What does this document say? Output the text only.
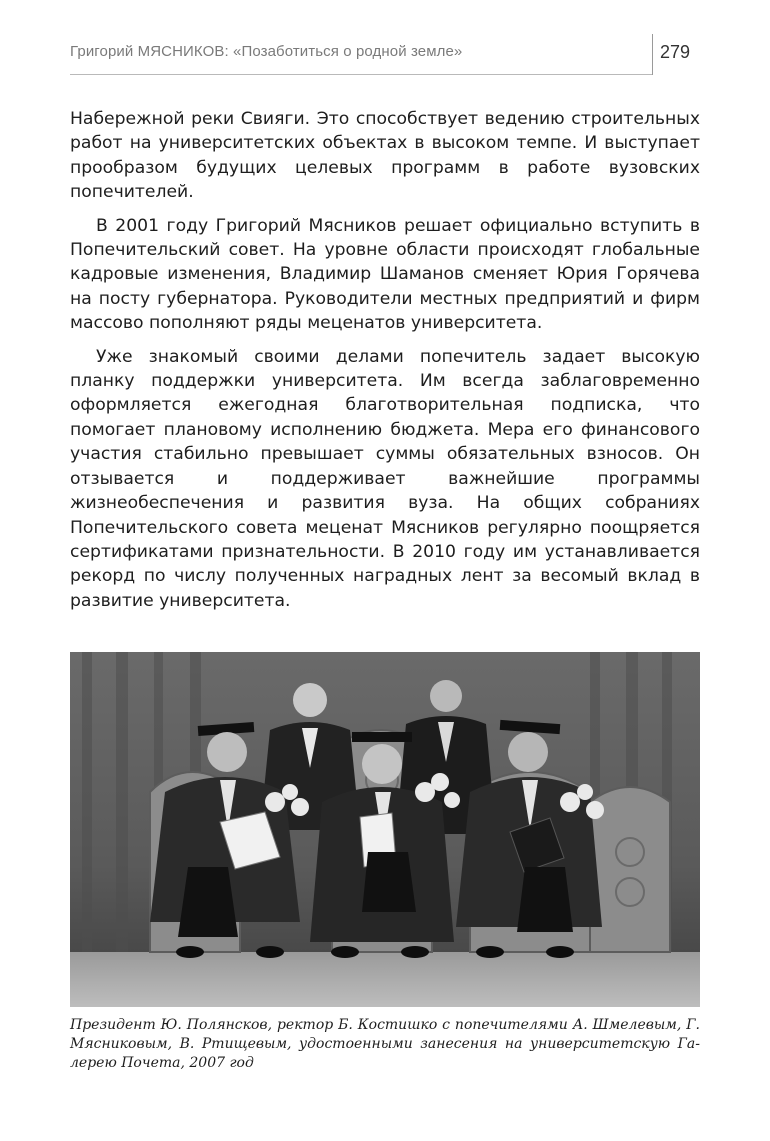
Григорий МЯСНИКОВ: «Позаботиться о родной земле»	279

Набережной реки Свияги. Это способствует ведению строительных работ на университетских объектах в высоком темпе. И выступает прообразом будущих целевых программ в работе вузовских попечителей.

В 2001 году Григорий Мясников решает официально вступить в Попечительский совет. На уровне области происходят глобальные кадровые изменения, Владимир Шаманов сменяет Юрия Горячева на посту губернатора. Руководители местных предприятий и фирм массово пополняют ряды мецeнатов университета.

Уже знакомый своими делами попечитель задает высокую планку поддержки университета. Им всегда заблаговременно оформляется ежегодная благотворительная подписка, что помогает плановому исполнению бюджета. Мера его финансового участия стабильно превышает суммы обязательных взносов. Он отзывается и поддерживает важнейшие программы жизнеобеспечения и развития вуза. На общих собраниях Попечительского совета меценат Мясников регулярно поощряется сертификатами признательности. В 2010 году им устанавливается рекорд по числу полученных наградных лент за весомый вклад в развитие университета.

Президент Ю. Полянсков, ректор Б. Костишко с попечителями А. Шмелевым, Г. Мясниковым, В. Ртищевым, удостоенными занесения на университетскую Галерею Почета, 2007 год
